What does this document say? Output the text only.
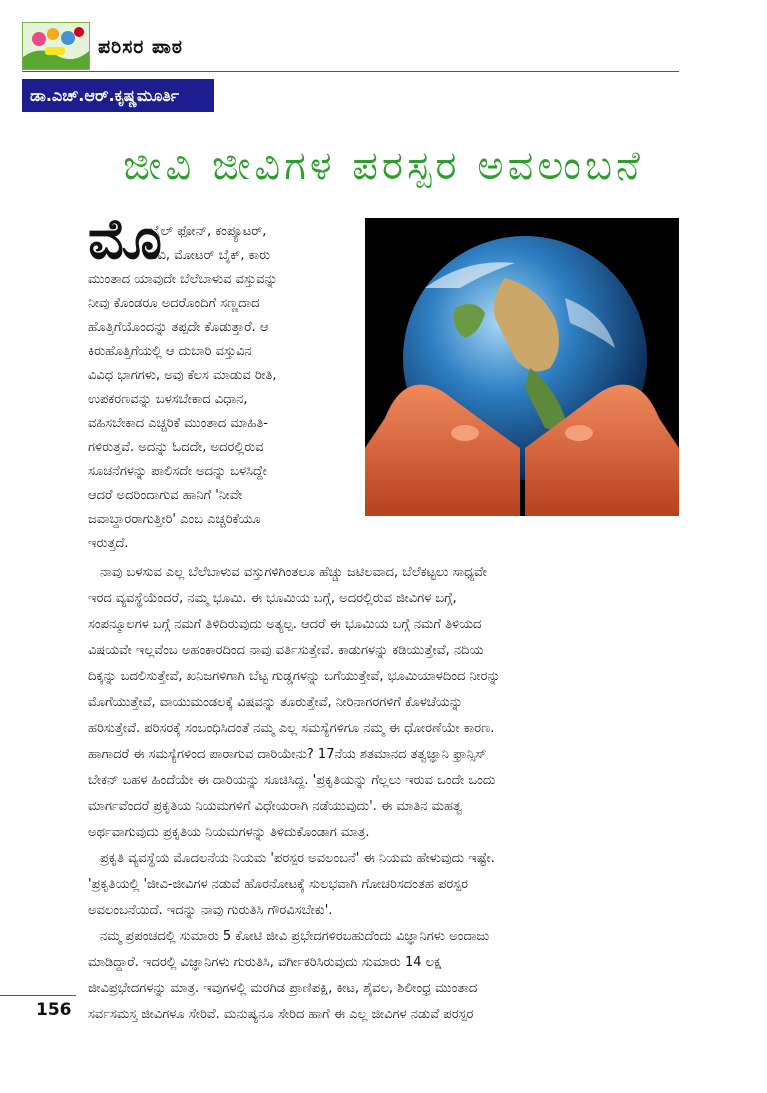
ಪರಿಸರ ಪಾಠ
ಡಾ.ಎಚ್.ಆರ್.ಕೃಷ್ಣಮೂರ್ತಿ
ಜೀವಿ ಜೀವಿಗಳ ಪರಸ್ಪರ ಅವಲಂಬನೆ
ಮೊ
ಬೈಲ್ ಫೋನ್, ಕಂಪ್ಯೂಟರ್,
ಟಿವಿ, ಮೋಟರ್ ಬೈಕ್, ಕಾರು
ಮುಂತಾದ ಯಾವುದೇ ಬೆಲೆಬಾಳುವ ವಸ್ತುವನ್ನು
ನೀವು ಕೊಂಡರೂ ಅದರೊಂದಿಗೆ ಸಣ್ಣದಾದ
ಹೊತ್ತಿಗೆಯೊಂದನ್ನು ತಪ್ಪದೇ ಕೊಡುತ್ತಾರೆ. ಆ
ಕಿರುಹೊತ್ತಿಗೆಯಲ್ಲಿ ಆ ದುಬಾರಿ ವಸ್ತುವಿನ
ವಿವಿಧ ಭಾಗಗಳು, ಅವು ಕೆಲಸ ಮಾಡುವ ರೀತಿ,
ಉಪಕರಣವನ್ನು ಬಳಸಬೇಕಾದ ವಿಧಾನ,
ವಹಿಸಬೇಕಾದ ಎಚ್ಚರಿಕೆ ಮುಂತಾದ ಮಾಹಿತಿ-
ಗಳಿರುತ್ತವೆ. ಅದನ್ನು ಓದದೇ, ಅದರಲ್ಲಿರುವ
ಸೂಚನೆಗಳನ್ನು ಪಾಲಿಸದೇ ಅದನ್ನು ಬಳಸಿದ್ದೇ
ಆದರೆ ಅದರಿಂದಾಗುವ ಹಾನಿಗೆ 'ನೀವೇ
ಜವಾಬ್ದಾರರಾಗುತ್ತೀರಿ' ಎಂಬ ಎಚ್ಚರಿಕೆಯೂ
ಇರುತ್ತದೆ.
ನಾವು ಬಳಸುವ ಎಲ್ಲ ಬೆಲೆಬಾಳುವ ವಸ್ತುಗಳಿಗಿಂತಲೂ ಹೆಚ್ಚು ಜಟಿಲವಾದ, ಬೆಲೆಕಟ್ಟಲು ಸಾಧ್ಯವೇ
ಇರದ ವ್ಯವಸ್ಥೆಯೆಂದರೆ, ನಮ್ಮ ಭೂಮಿ. ಈ ಭೂಮಿಯ ಬಗ್ಗೆ, ಅದರಲ್ಲಿರುವ ಜೀವಿಗಳ ಬಗ್ಗೆ,
ಸಂಪನ್ಮೂಲಗಳ ಬಗ್ಗೆ ನಮಗೆ ತಿಳಿದಿರುವುದು ಅತ್ಯಲ್ಪ. ಆದರೆ ಈ ಭೂಮಿಯ ಬಗ್ಗೆ ನಮಗೆ ತಿಳಿಯದ
ವಿಷಯವೇ ಇಲ್ಲವೆಂಬ ಅಹಂಕಾರದಿಂದ ನಾವು ವರ್ತಿಸುತ್ತೇವೆ. ಕಾಡುಗಳನ್ನು ಕಡಿಯುತ್ತೇವೆ, ನದಿಯ
ದಿಕ್ಕನ್ನು ಬದಲಿಸುತ್ತೇವೆ, ಖನಿಜಗಳಿಗಾಗಿ ಬೆಟ್ಟ ಗುಡ್ಡಗಳನ್ನು ಬಗೆಯುತ್ತೇವೆ, ಭೂಮಿಯಾಳದಿಂದ ನೀರನ್ನು
ಮೊಗೆಯುತ್ತೇವೆ, ವಾಯುಮಂಡಲಕ್ಕೆ ವಿಷವನ್ನು ತೂರುತ್ತೇವೆ, ನೀರಿನಾಗರಗಳಿಗೆ ಕೊಳಚೆಯನ್ನು
ಹರಿಸುತ್ತೇವೆ. ಪರಿಸರಕ್ಕೆ ಸಂಬಂಧಿಸಿದಂತೆ ನಮ್ಮ ಎಲ್ಲ ಸಮಸ್ಯೆಗಳಿಗೂ ನಮ್ಮ ಈ ಧೋರಣೆಯೇ ಕಾರಣ.
ಹಾಗಾದರೆ ಈ ಸಮಸ್ಯೆಗಳಿಂದ ಪಾರಾಗುವ ದಾರಿಯೇನು? 17ನೆಯ ಶತಮಾನದ ತತ್ವಜ್ಞಾನಿ ಫ್ರಾನ್ಸಿಸ್
ಬೇಕನ್ ಬಹಳ ಹಿಂದೆಯೇ ಈ ದಾರಿಯನ್ನು ಸೂಚಿಸಿದ್ದ. 'ಪ್ರಕೃತಿಯನ್ನು ಗೆಲ್ಲಲು ಇರುವ ಒಂದೇ ಒಂದು
ಮಾರ್ಗವೆಂದರೆ ಪ್ರಕೃತಿಯ ನಿಯಮಗಳಿಗೆ ವಿಧೇಯರಾಗಿ ನಡೆಯುವುದು'. ಈ ಮಾತಿನ ಮಹತ್ವ
ಅರ್ಥವಾಗುವುದು ಪ್ರಕೃತಿಯ ನಿಯಮಗಳನ್ನು ತಿಳಿದುಕೊಂಡಾಗ ಮಾತ್ರ.
ಪ್ರಕೃತಿ ವ್ಯವಸ್ಥೆಯ ಮೊದಲನೆಯ ನಿಯಮ 'ಪರಸ್ಪರ ಅವಲಂಬನೆ' ಈ ನಿಯಮ ಹೇಳುವುದು ಇಷ್ಟೇ.
'ಪ್ರಕೃತಿಯಲ್ಲಿ 'ಜೀವಿ-ಜೀವಿಗಳ ನಡುವೆ ಹೊರನೋಟಕ್ಕೆ ಸುಲಭವಾಗಿ ಗೋಚರಿಸದಂತಹ ಪರಸ್ಪರ
ಅವಲಂಬನೆಯಿದೆ. ಇದನ್ನು ನಾವು ಗುರುತಿಸಿ ಗೌರವಿಸಬೇಕು'.
ನಮ್ಮ ಪ್ರಪಂಚದಲ್ಲಿ ಸುಮಾರು 5 ಕೋಟಿ ಜೀವಿ ಪ್ರಭೇದಗಳಿರಬಹುದೆಂದು ವಿಜ್ಞಾನಿಗಳು ಅಂದಾಜು
ಮಾಡಿದ್ದಾರೆ. ಇದರಲ್ಲಿ ವಿಜ್ಞಾನಿಗಳು ಗುರುತಿಸಿ, ವರ್ಗೀಕರಿಸಿರುವುದು ಸುಮಾರು 14 ಲಕ್ಷ
ಜೀವಿಪ್ರಭೇದಗಳನ್ನು ಮಾತ್ರ. ಇವುಗಳಲ್ಲಿ ಮರಗಿಡ ಪ್ರಾಣಿಪಕ್ಷಿ, ಕೀಟ, ಶೈವಲ, ಶಿಲೀಂಧ್ರ ಮುಂತಾದ
ಸರ್ವಸಮಸ್ತ ಜೀವಿಗಳೂ ಸೇರಿವೆ. ಮನುಷ್ಯನೂ ಸೇರಿದ ಹಾಗೆ ಈ ಎಲ್ಲ ಜೀವಿಗಳ ನಡುವೆ ಪರಸ್ಪರ
156
